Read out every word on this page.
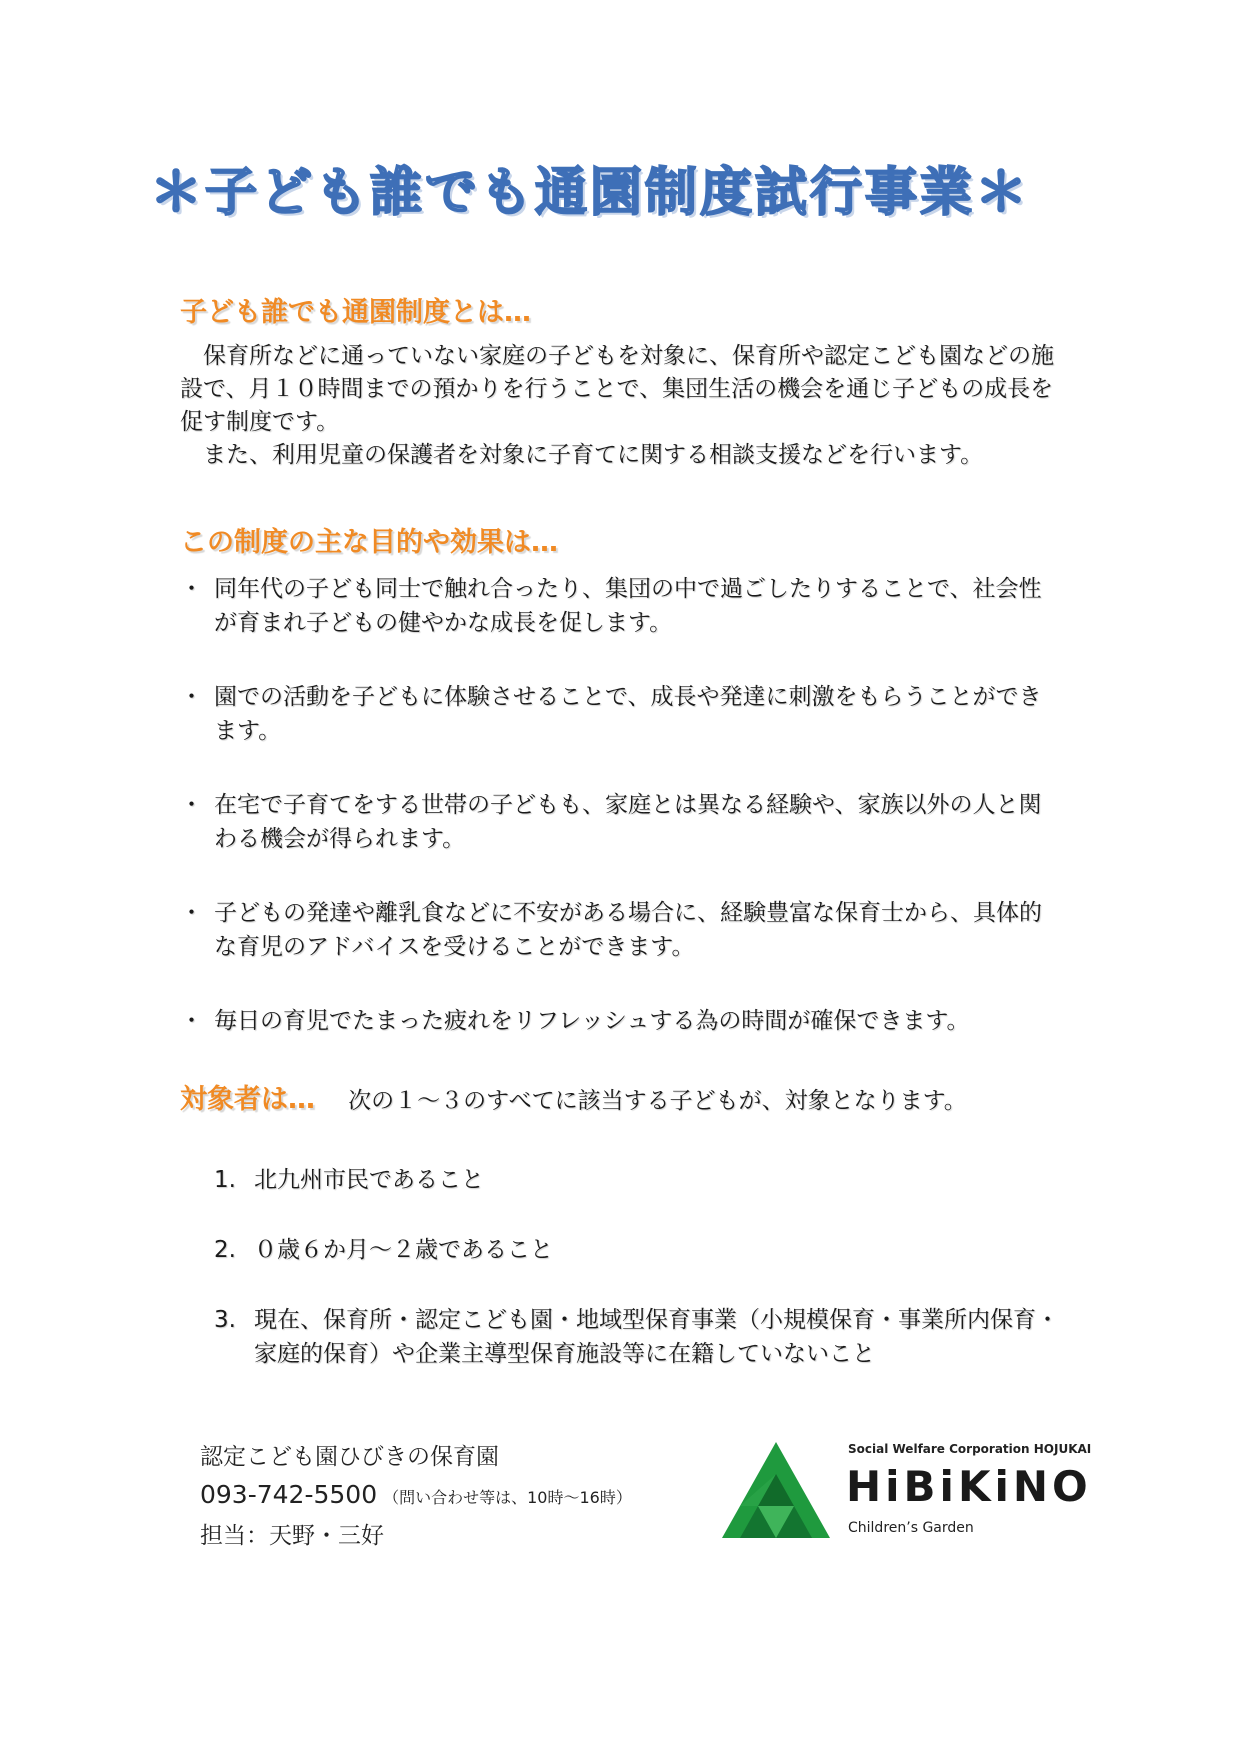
＊子ども誰でも通園制度試行事業＊
子ども誰でも通園制度とは…

　保育所などに通っていない家庭の子どもを対象に、保育所や認定こども園などの施設で、月１０時間までの預かりを行うことで、集団生活の機会を通じ子どもの成長を促す制度です。

　また、利用児童の保護者を対象に子育てに関する相談支援などを行います。

この制度の主な目的や効果は…
・ 同年代の子ども同士で触れ合ったり、集団の中で過ごしたりすることで、社会性が育まれ子どもの健やかな成長を促します。
・ 園での活動を子どもに体験させることで、成長や発達に刺激をもらうことができます。
・ 在宅で子育てをする世帯の子どもも、家庭とは異なる経験や、家族以外の人と関わる機会が得られます。
・ 子どもの発達や離乳食などに不安がある場合に、経験豊富な保育士から、具体的な育児のアドバイスを受けることができます。
・ 毎日の育児でたまった疲れをリフレッシュする為の時間が確保できます。
対象者は… 次の１～３のすべてに該当する子どもが、対象となります。
1. 北九州市民であること
2. ０歳６か月～２歳であること
3. 現在、保育所・認定こども園・地域型保育事業（小規模保育・事業所内保育・家庭的保育）や企業主導型保育施設等に在籍していないこと
認定こども園ひびきの保育園
093-742-5500 （問い合わせ等は、10時～16時）
担当：天野・三好
Social Welfare Corporation HOJUKAI
HiBiKiNO
Children’s Garden
